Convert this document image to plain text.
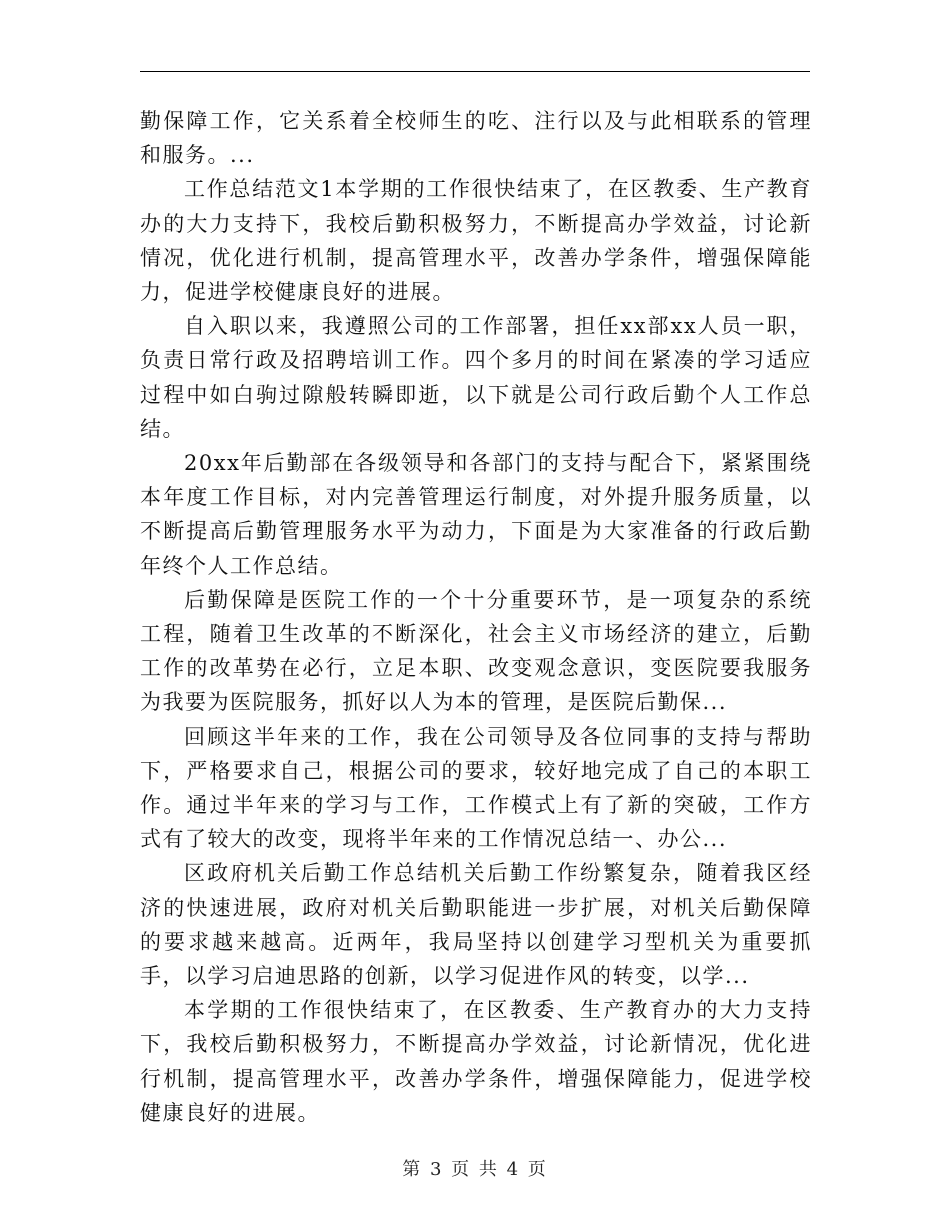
勤保障工作，它关系着全校师生的吃、注行以及与此相联系的管理和服务。...

工作总结范文1本学期的工作很快结束了，在区教委、生产教育办的大力支持下，我校后勤积极努力，不断提高办学效益，讨论新情况，优化进行机制，提高管理水平，改善办学条件，增强保障能力，促进学校健康良好的进展。

自入职以来，我遵照公司的工作部署，担任xx部xx人员一职，负责日常行政及招聘培训工作。四个多月的时间在紧凑的学习适应过程中如白驹过隙般转瞬即逝，以下就是公司行政后勤个人工作总结。

20xx年后勤部在各级领导和各部门的支持与配合下，紧紧围绕本年度工作目标，对内完善管理运行制度，对外提升服务质量，以不断提高后勤管理服务水平为动力，下面是为大家准备的行政后勤年终个人工作总结。

后勤保障是医院工作的一个十分重要环节，是一项复杂的系统工程，随着卫生改革的不断深化，社会主义市场经济的建立，后勤工作的改革势在必行，立足本职、改变观念意识，变医院要我服务为我要为医院服务，抓好以人为本的管理，是医院后勤保...

回顾这半年来的工作，我在公司领导及各位同事的支持与帮助下，严格要求自己，根据公司的要求，较好地完成了自己的本职工作。通过半年来的学习与工作，工作模式上有了新的突破，工作方式有了较大的改变，现将半年来的工作情况总结一、办公...

区政府机关后勤工作总结机关后勤工作纷繁复杂，随着我区经济的快速进展，政府对机关后勤职能进一步扩展，对机关后勤保障的要求越来越高。近两年，我局坚持以创建学习型机关为重要抓手，以学习启迪思路的创新，以学习促进作风的转变，以学...

本学期的工作很快结束了，在区教委、生产教育办的大力支持下，我校后勤积极努力，不断提高办学效益，讨论新情况，优化进行机制，提高管理水平，改善办学条件，增强保障能力，促进学校健康良好的进展。

第 3 页 共 4 页
